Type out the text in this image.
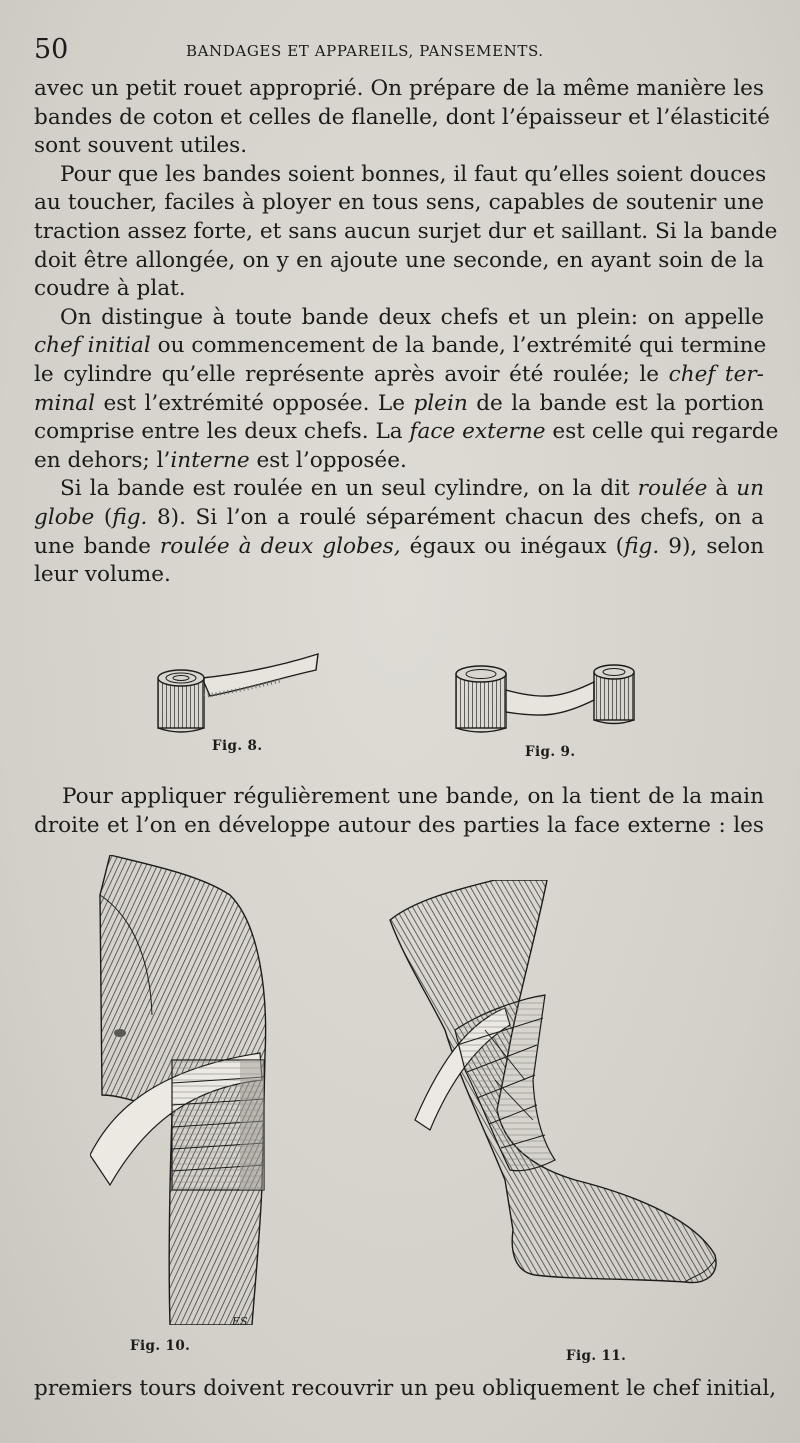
50	BANDAGES ET APPAREILS, PANSEMENTS.

avec un petit rouet approprié. On prépare de la même manière les
bandes de coton et celles de flanelle, dont l’épaisseur et l’élasticité
sont souvent utiles.

Pour que les bandes soient bonnes, il faut qu’elles soient douces
au toucher, faciles à ployer en tous sens, capables de soutenir une
traction assez forte, et sans aucun surjet dur et saillant. Si la bande
doit être allongée, on y en ajoute une seconde, en ayant soin de la
coudre à plat.

On distingue à toute bande deux chefs et un plein: on appelle
chef initial ou commencement de la bande, l’extrémité qui termine
le cylindre qu’elle représente après avoir été roulée; le chef ter-
minal est l’extrémité opposée. Le plein de la bande est la portion
comprise entre les deux chefs. La face externe est celle qui regarde
en dehors; l’interne est l’opposée.

Si la bande est roulée en un seul cylindre, on la dit roulée à un
globe (fig. 8). Si l’on a roulé séparément chacun des chefs, on a
une bande roulée à deux globes, égaux ou inégaux (fig. 9), selon
leur volume.

Fig. 8.	Fig. 9.

Pour appliquer régulièrement une bande, on la tient de la main
droite et l’on en développe autour des parties la face externe : les

Fig. 10.
ES
Fig. 11.

premiers tours doivent recouvrir un peu obliquement le chef initial,
